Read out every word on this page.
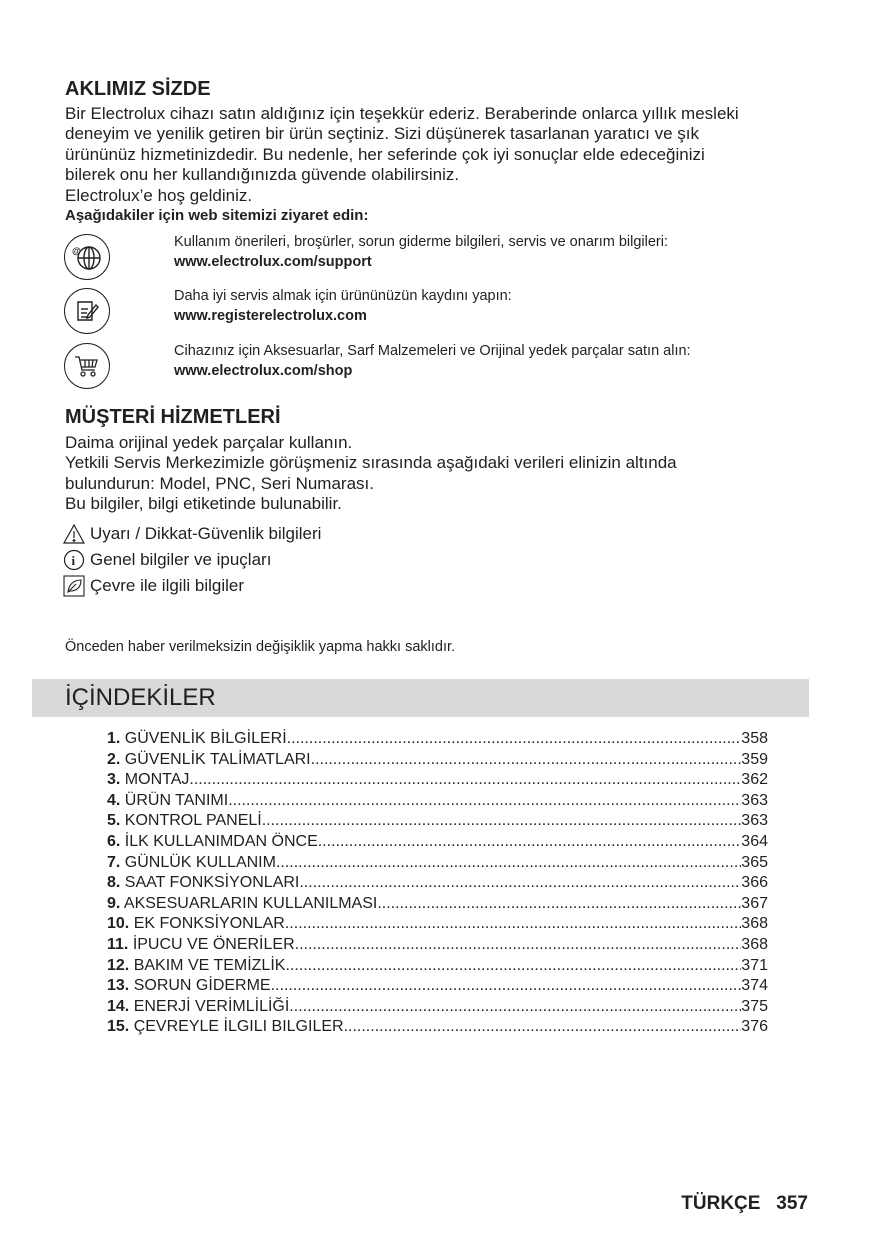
AKLIMIZ SİZDE
Bir Electrolux cihazı satın aldığınız için teşekkür ederiz. Beraberinde onlarca yıllık mesleki
deneyim ve yenilik getiren bir ürün seçtiniz. Sizi düşünerek tasarlanan yaratıcı ve şık
ürününüz hizmetinizdedir. Bu nedenle, her seferinde çok iyi sonuçlar elde edeceğinizi
bilerek onu her kullandığınızda güvende olabilirsiniz.
Electrolux’e hoş geldiniz.
Aşağıdakiler için web sitemizi ziyaret edin:
@
Kullanım önerileri, broşürler, sorun giderme bilgileri, servis ve onarım bilgileri:
www.electrolux.com/support
Daha iyi servis almak için ürününüzün kaydını yapın:
www.registerelectrolux.com
Cihazınız için Aksesuarlar, Sarf Malzemeleri ve Orijinal yedek parçalar satın alın:
www.electrolux.com/shop
MÜŞTERİ HİZMETLERİ
Daima orijinal yedek parçalar kullanın.
Yetkili Servis Merkezimizle görüşmeniz sırasında aşağıdaki verileri elinizin altında
bulundurun: Model, PNC, Seri Numarası.
Bu bilgiler, bilgi etiketinde bulunabilir.
Uyarı / Dikkat-Güvenlik bilgileri
i Genel bilgiler ve ipuçları
Çevre ile ilgili bilgiler
Önceden haber verilmeksizin değişiklik yapma hakkı saklıdır.
İÇİNDEKİLER
1. GÜVENLİK BİLGİLERİ .....	358
2. GÜVENLİK TALİMATLARI .....	359
3. MONTAJ .....	362
4. ÜRÜN TANIMI .....	363
5. KONTROL PANELİ .....	363
6. İLK KULLANIMDAN ÖNCE .....	364
7. GÜNLÜK KULLANIM .....	365
8. SAAT FONKSİYONLARI .....	366
9. AKSESUARLARIN KULLANILMASI .....	367
10. EK FONKSİYONLAR .....	368
11. İPUCU VE ÖNERİLER .....	368
12. BAKIM VE TEMİZLİK .....	371
13. SORUN GİDERME .....	374
14. ENERJİ VERİMLİLİĞİ .....	375
15. ÇEVREYLE İLGILI BILGILER .....	376
TÜRKÇE 357
